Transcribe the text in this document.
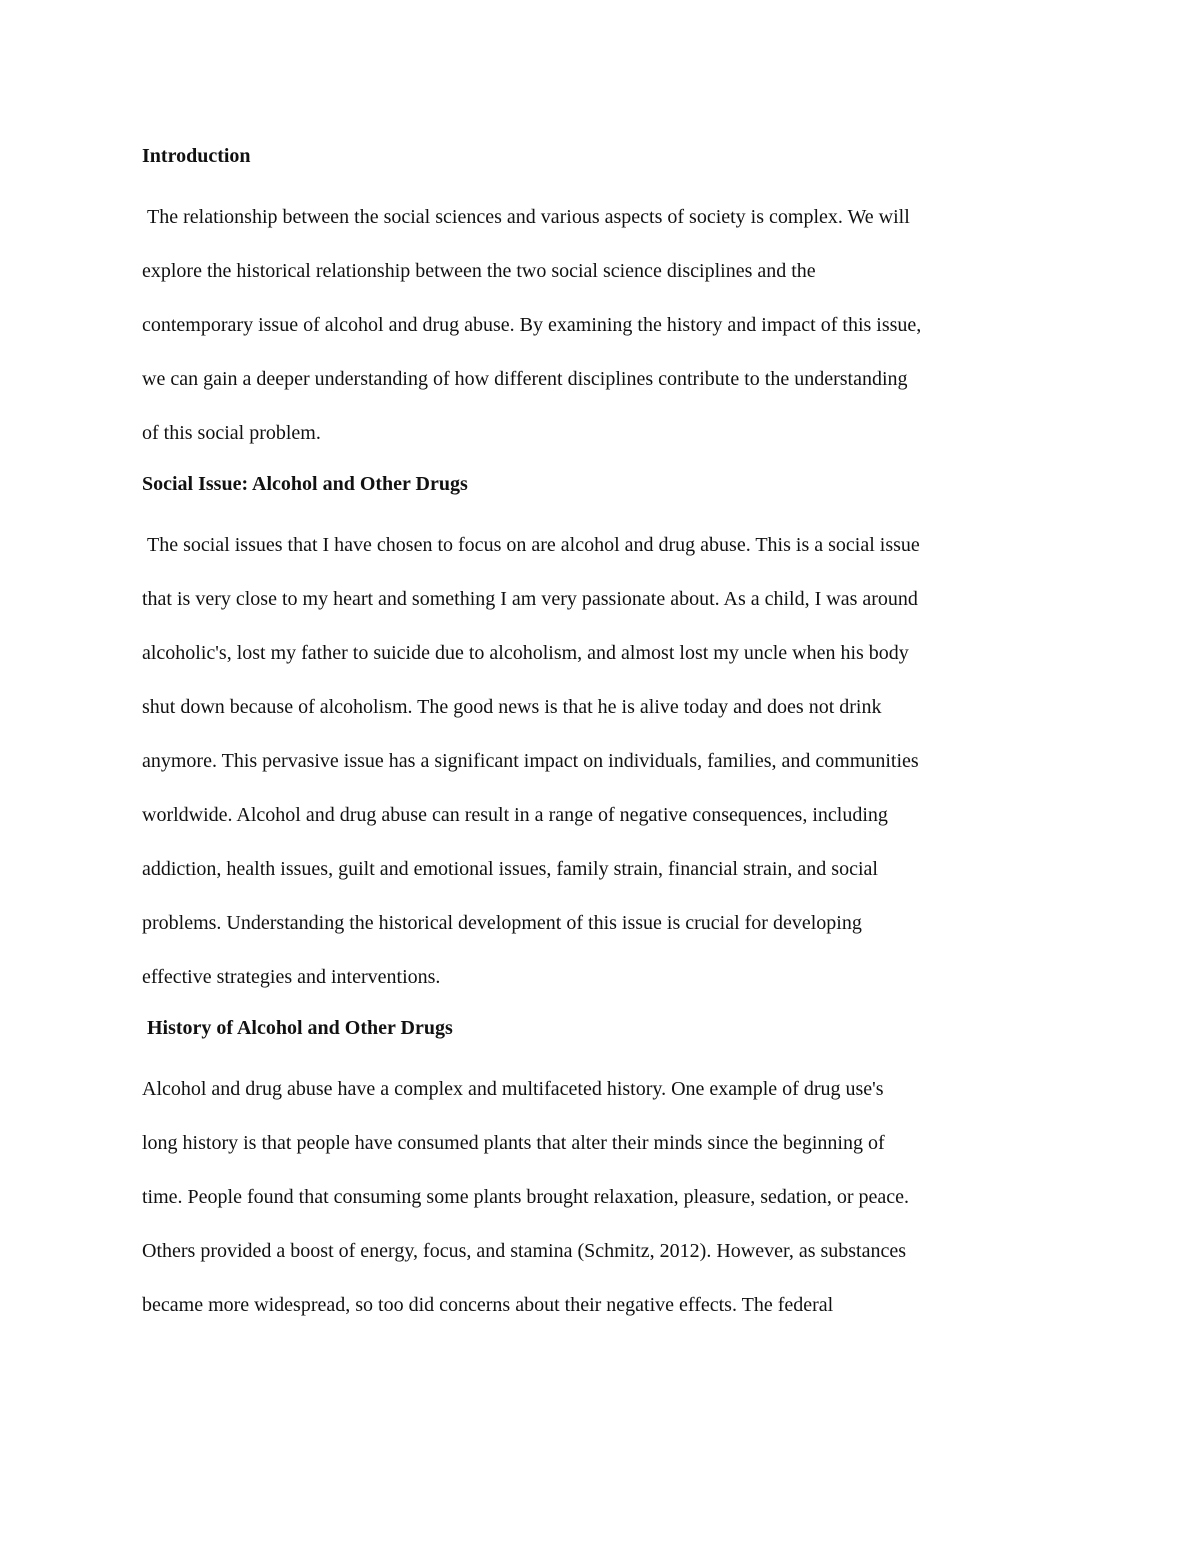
Introduction

The relationship between the social sciences and various aspects of society is complex. We will
explore the historical relationship between the two social science disciplines and the
contemporary issue of alcohol and drug abuse. By examining the history and impact of this issue,
we can gain a deeper understanding of how different disciplines contribute to the understanding
of this social problem.

Social Issue: Alcohol and Other Drugs

The social issues that I have chosen to focus on are alcohol and drug abuse. This is a social issue
that is very close to my heart and something I am very passionate about. As a child, I was around
alcoholic's, lost my father to suicide due to alcoholism, and almost lost my uncle when his body
shut down because of alcoholism. The good news is that he is alive today and does not drink
anymore. This pervasive issue has a significant impact on individuals, families, and communities
worldwide. Alcohol and drug abuse can result in a range of negative consequences, including
addiction, health issues, guilt and emotional issues, family strain, financial strain, and social
problems. Understanding the historical development of this issue is crucial for developing
effective strategies and interventions.

History of Alcohol and Other Drugs

Alcohol and drug abuse have a complex and multifaceted history. One example of drug use's
long history is that people have consumed plants that alter their minds since the beginning of
time. People found that consuming some plants brought relaxation, pleasure, sedation, or peace.
Others provided a boost of energy, focus, and stamina (Schmitz, 2012). However, as substances
became more widespread, so too did concerns about their negative effects. The federal
